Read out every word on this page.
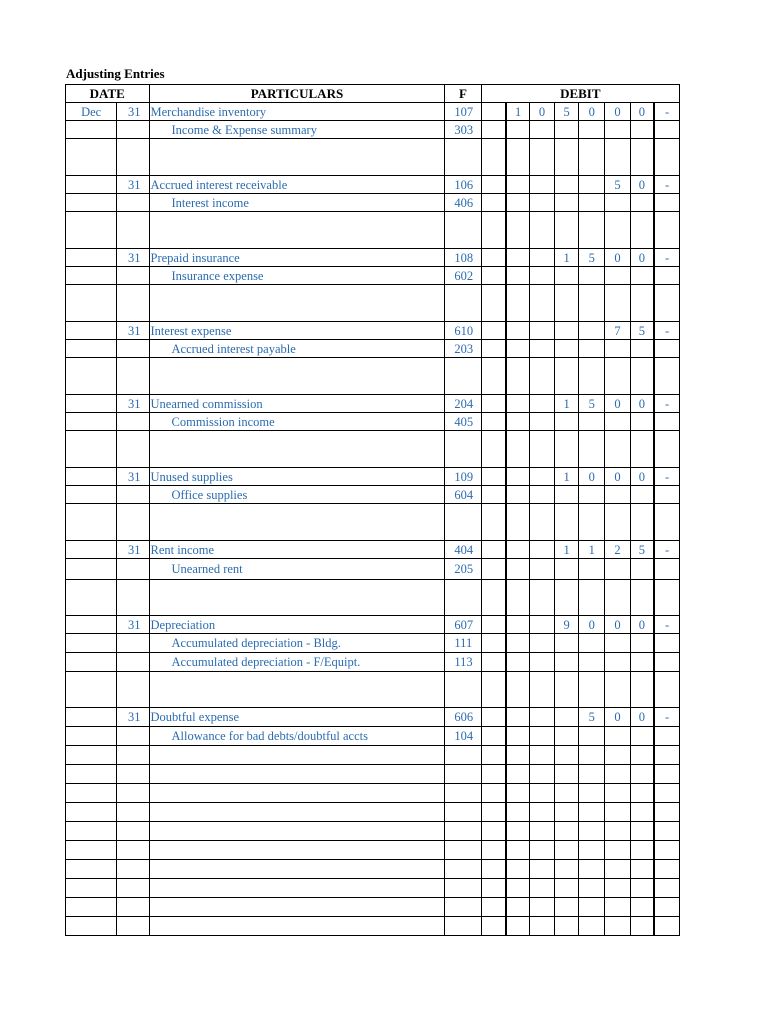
Adjusting Entries
DATE		PARTICULARS	F	DEBIT							
Dec	31	Merchandise inventory	107		1	0	5	0	0	0	-
		Income & Expense summary	303								

	31	Accrued interest receivable	106						5	0	-
		Interest income	406								

	31	Prepaid insurance	108				1	5	0	0	-
		Insurance expense	602								

	31	Interest expense	610						7	5	-
		Accrued interest payable	203								

	31	Unearned commission	204				1	5	0	0	-
		Commission income	405								

	31	Unused supplies	109				1	0	0	0	-
		Office supplies	604								

	31	Rent income	404				1	1	2	5	-
		Unearned rent	205								

	31	Depreciation	607				9	0	0	0	-
		Accumulated depreciation - Bldg.	111								
		Accumulated depreciation - F/Equipt.	113								

	31	Doubtful expense	606					5	0	0	-
		Allowance for bad debts/doubtful accts	104								
